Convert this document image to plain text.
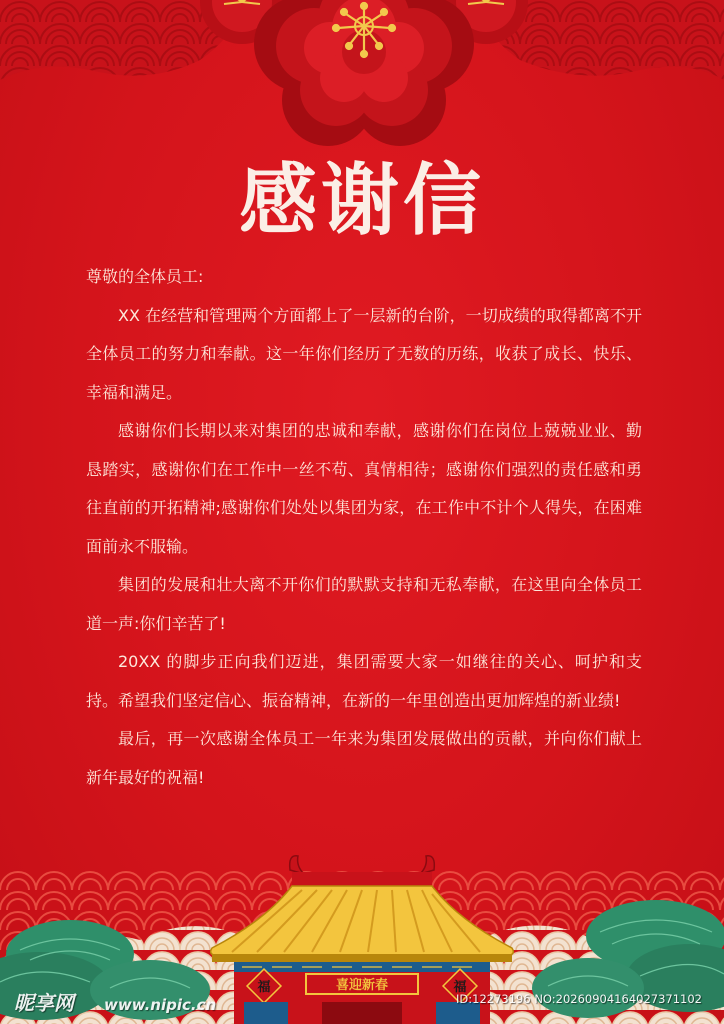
感谢信

尊敬的全体员工:

XX 在经营和管理两个方面都上了一层新的台阶，一切成绩的取得都离不开全体员工的努力和奉献。这一年你们经历了无数的历练，收获了成长、快乐、幸福和满足。

感谢你们长期以来对集团的忠诚和奉献，感谢你们在岗位上兢兢业业、勤恳踏实，感谢你们在工作中一丝不苟、真情相待；感谢你们强烈的责任感和勇往直前的开拓精神;感谢你们处处以集团为家，在工作中不计个人得失，在困难面前永不服输。

集团的发展和壮大离不开你们的默默支持和无私奉献，在这里向全体员工道一声:你们辛苦了!

20XX 的脚步正向我们迈进，集团需要大家一如继往的关心、呵护和支持。希望我们坚定信心、振奋精神，在新的一年里创造出更加辉煌的新业绩!

最后，再一次感谢全体员工一年来为集团发展做出的贡献，并向你们献上新年最好的祝福!

喜迎新春
福	福
昵享网 www.nipic.cn	ID:12273196 NO:20260904164027371102
